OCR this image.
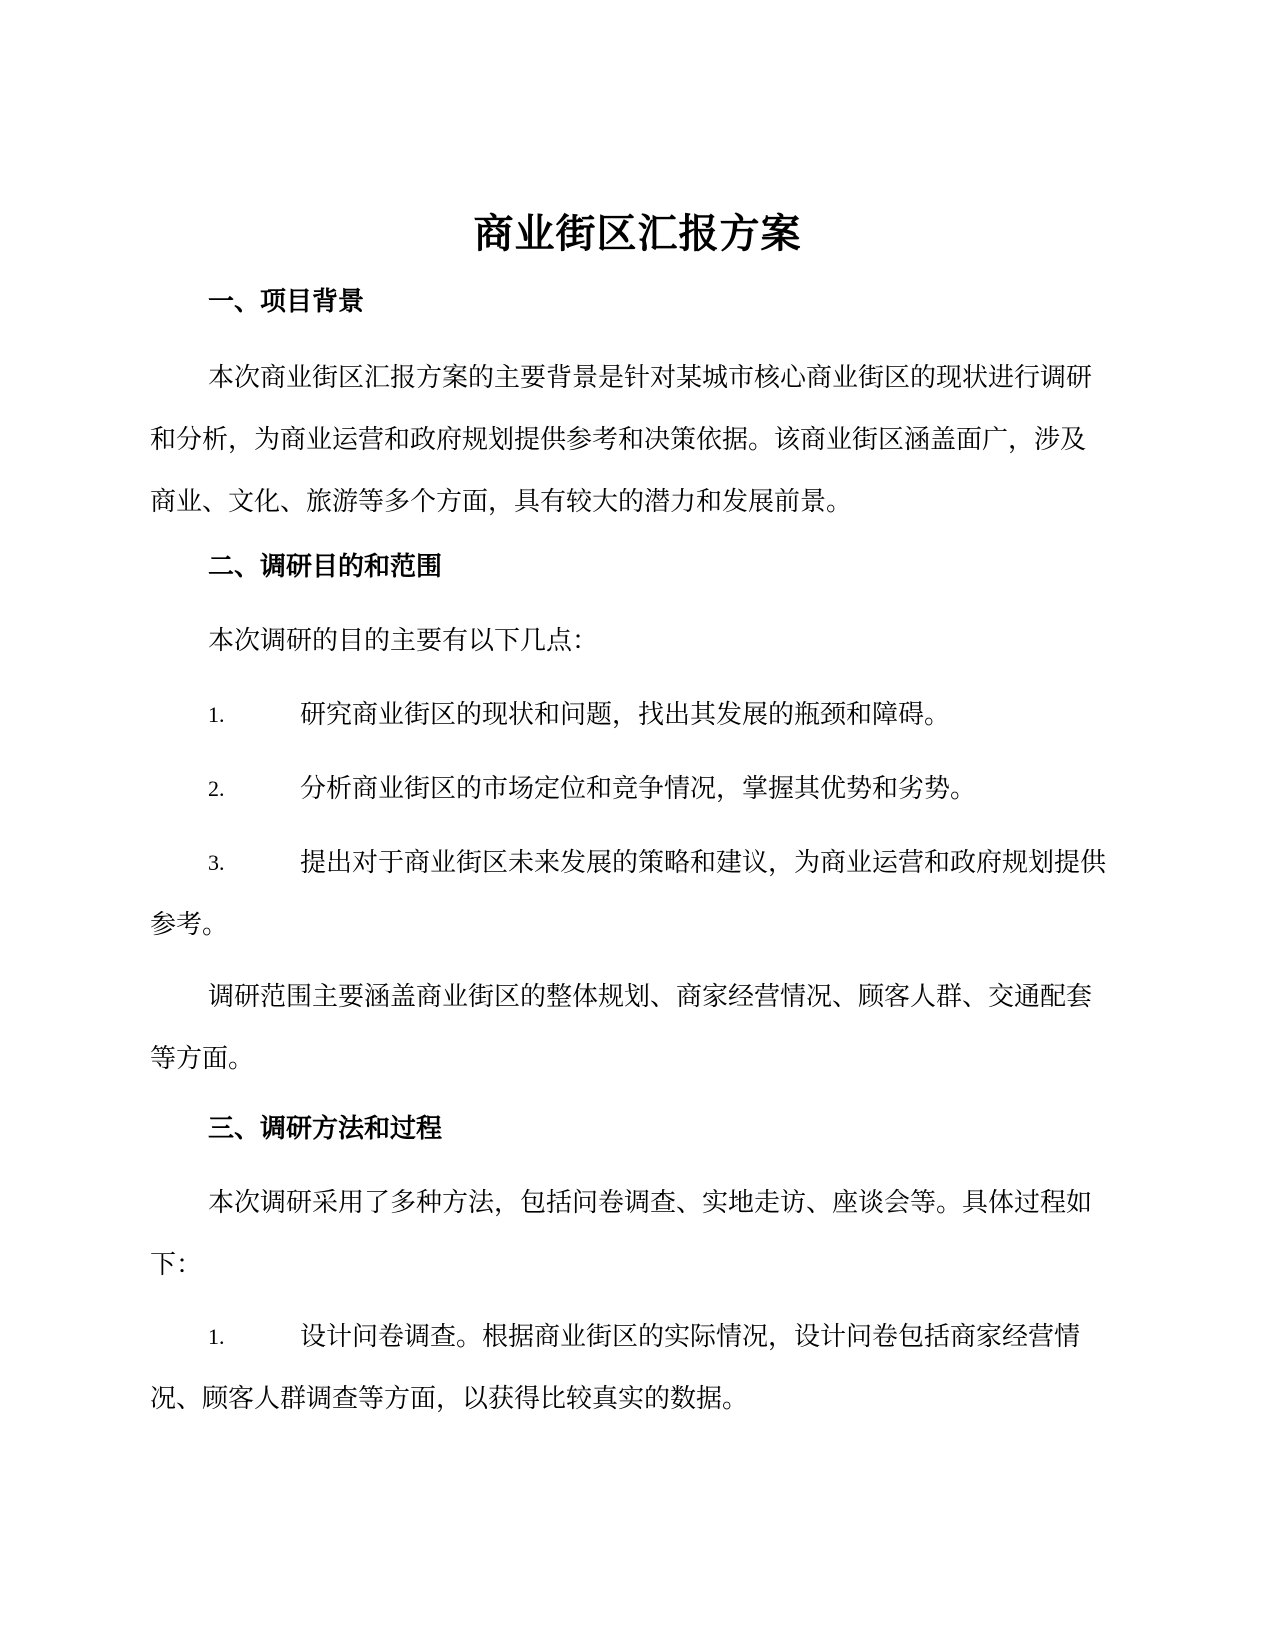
商业街区汇报方案
一、项目背景
本次商业街区汇报方案的主要背景是针对某城市核心商业街区的现状进行调研和分析，为商业运营和政府规划提供参考和决策依据。该商业街区涵盖面广，涉及商业、文化、旅游等多个方面，具有较大的潜力和发展前景。
二、调研目的和范围
本次调研的目的主要有以下几点：
1.	研究商业街区的现状和问题，找出其发展的瓶颈和障碍。
2.	分析商业街区的市场定位和竞争情况，掌握其优势和劣势。
3.	提出对于商业街区未来发展的策略和建议，为商业运营和政府规划提供参考。
调研范围主要涵盖商业街区的整体规划、商家经营情况、顾客人群、交通配套等方面。
三、调研方法和过程
本次调研采用了多种方法，包括问卷调查、实地走访、座谈会等。具体过程如下：
1.	设计问卷调查。根据商业街区的实际情况，设计问卷包括商家经营情况、顾客人群调查等方面，以获得比较真实的数据。
